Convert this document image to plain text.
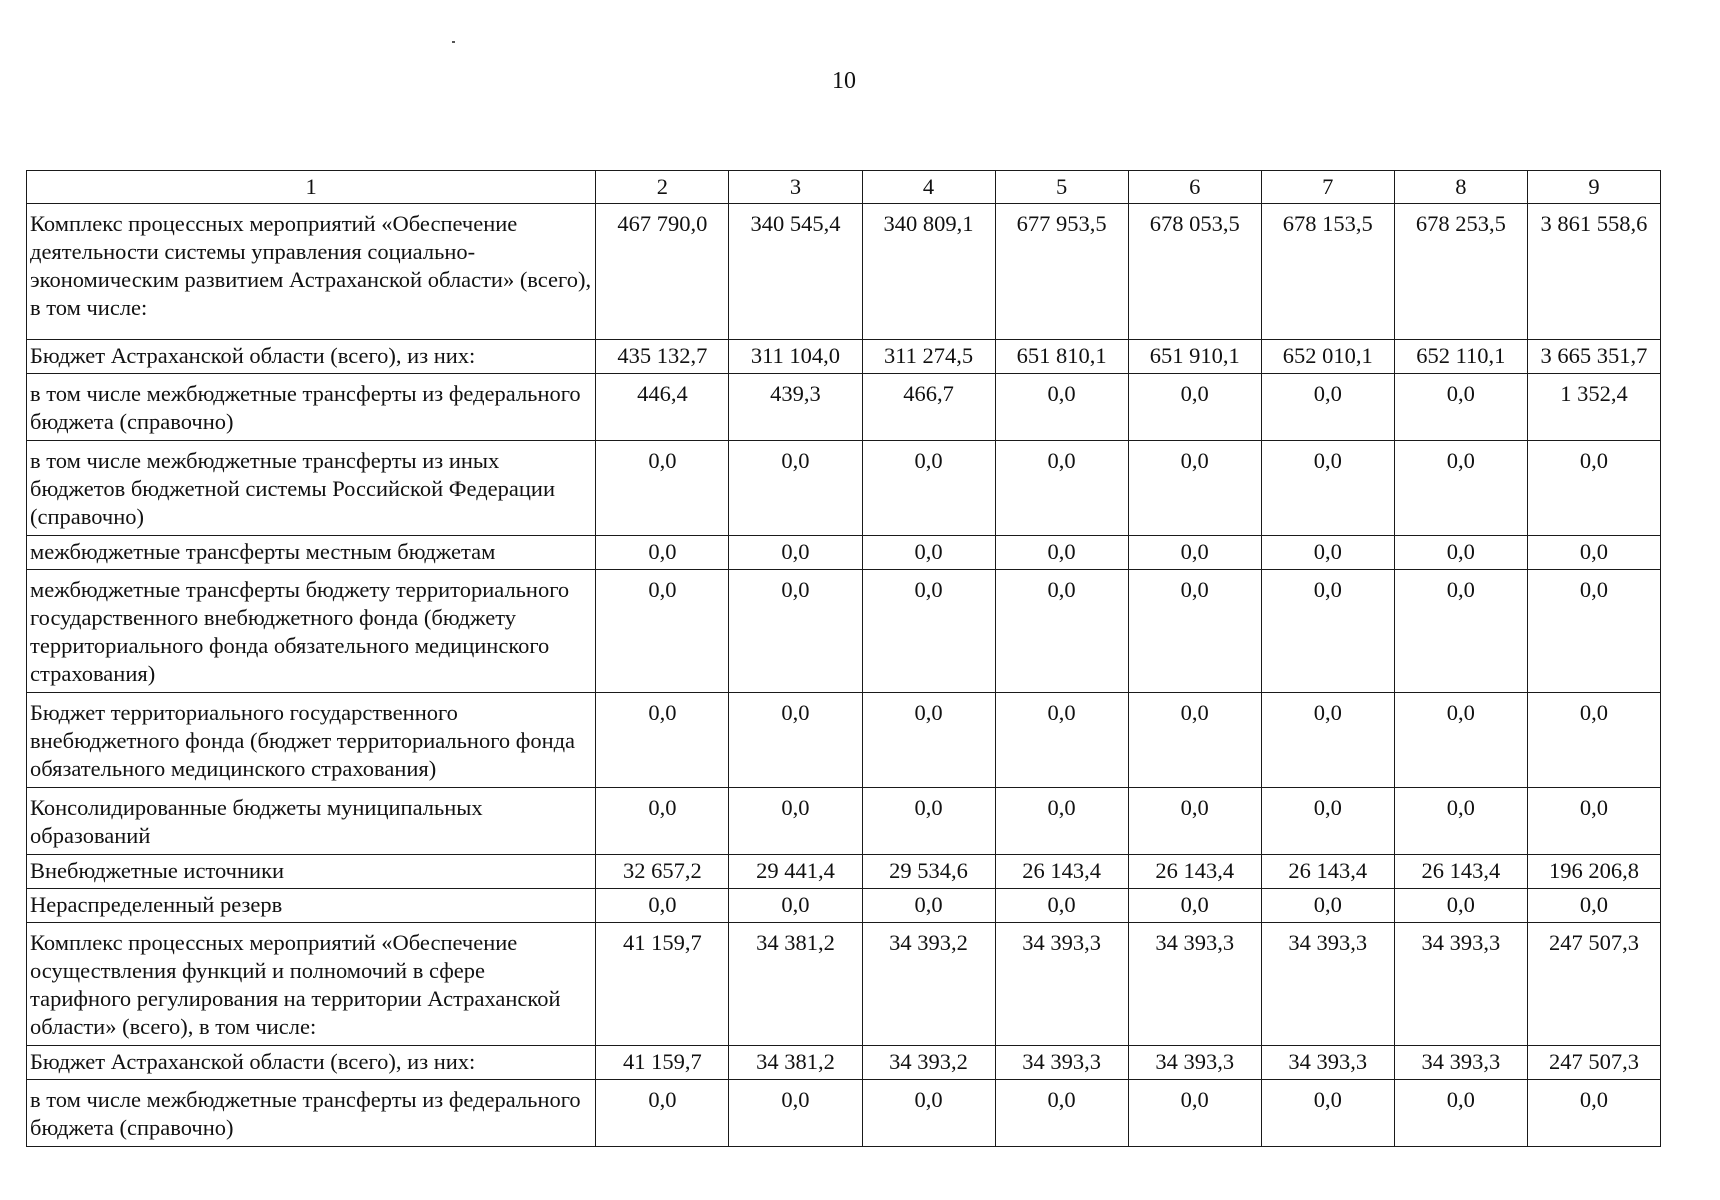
10
1	2	3	4	5	6	7	8	9
Комплекс процессных мероприятий «Обеспечение деятельности системы управления социально-экономическим развитием Астраханской области» (всего), в том числе:	467 790,0	340 545,4	340 809,1	677 953,5	678 053,5	678 153,5	678 253,5	3 861 558,6
Бюджет Астраханской области (всего), из них:	435 132,7	311 104,0	311 274,5	651 810,1	651 910,1	652 010,1	652 110,1	3 665 351,7
в том числе межбюджетные трансферты из федерального бюджета (справочно)	446,4	439,3	466,7	0,0	0,0	0,0	0,0	1 352,4
в том числе межбюджетные трансферты из иных бюджетов бюджетной системы Российской Федерации (справочно)	0,0	0,0	0,0	0,0	0,0	0,0	0,0	0,0
межбюджетные трансферты местным бюджетам	0,0	0,0	0,0	0,0	0,0	0,0	0,0	0,0
межбюджетные трансферты бюджету территориального государственного внебюджетного фонда (бюджету территориального фонда обязательного медицинского страхования)	0,0	0,0	0,0	0,0	0,0	0,0	0,0	0,0
Бюджет территориального государственного внебюджетного фонда (бюджет территориального фонда обязательного медицинского страхования)	0,0	0,0	0,0	0,0	0,0	0,0	0,0	0,0
Консолидированные бюджеты муниципальных образований	0,0	0,0	0,0	0,0	0,0	0,0	0,0	0,0
Внебюджетные источники	32 657,2	29 441,4	29 534,6	26 143,4	26 143,4	26 143,4	26 143,4	196 206,8
Нераспределенный резерв	0,0	0,0	0,0	0,0	0,0	0,0	0,0	0,0
Комплекс процессных мероприятий «Обеспечение осуществления функций и полномочий в сфере тарифного регулирования на территории Астраханской области» (всего), в том числе:	41 159,7	34 381,2	34 393,2	34 393,3	34 393,3	34 393,3	34 393,3	247 507,3
Бюджет Астраханской области (всего), из них:	41 159,7	34 381,2	34 393,2	34 393,3	34 393,3	34 393,3	34 393,3	247 507,3
в том числе межбюджетные трансферты из федерального бюджета (справочно)	0,0	0,0	0,0	0,0	0,0	0,0	0,0	0,0
